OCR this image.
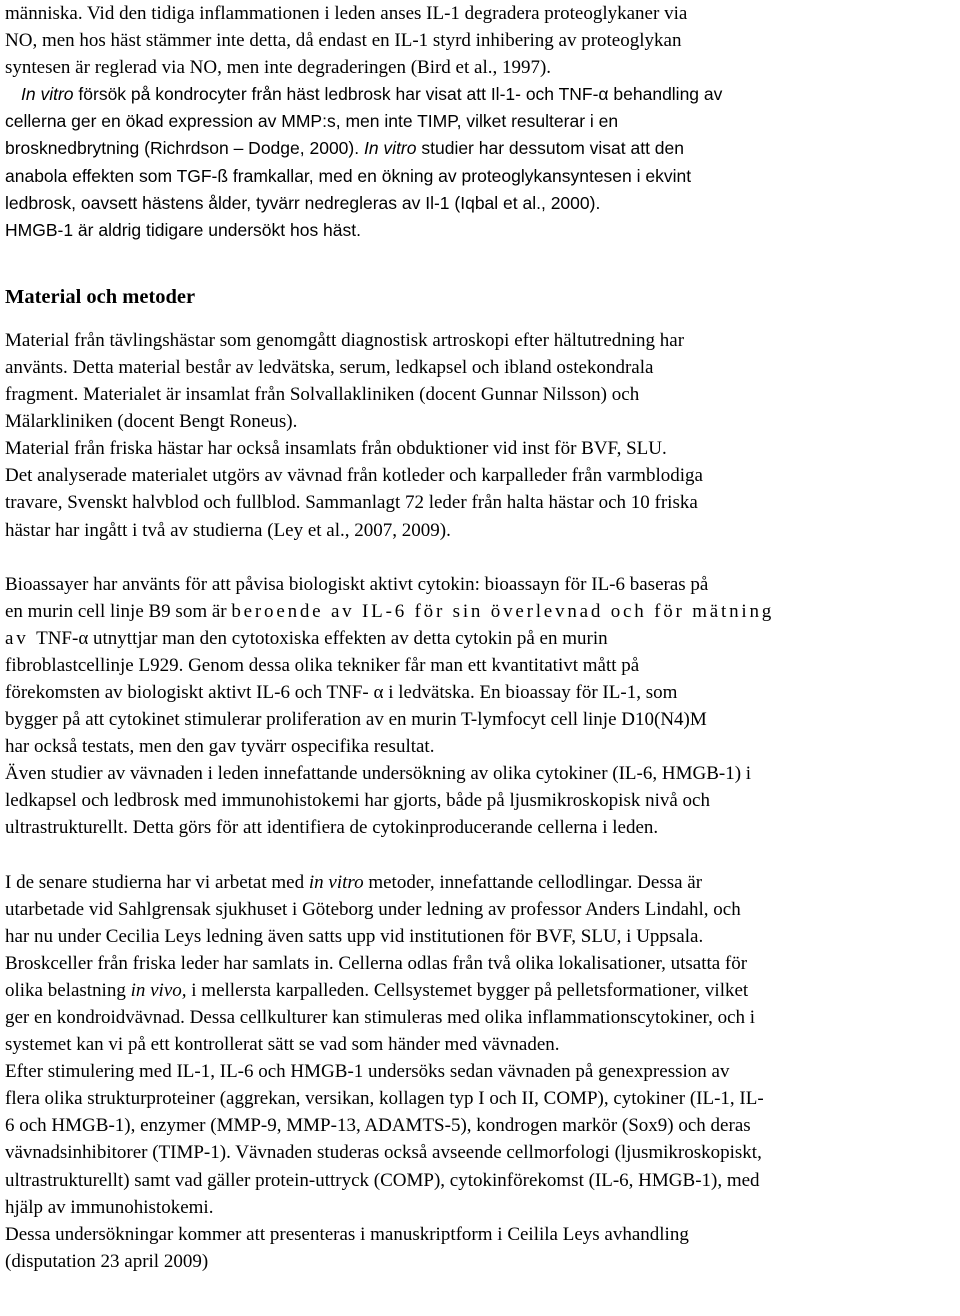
människa. Vid den tidiga inflammationen i leden anses IL-1 degradera proteoglykaner via
NO, men hos häst stämmer inte detta, då endast en IL-1 styrd inhibering av proteoglykan
syntesen är reglerad via NO, men inte degraderingen (Bird et al., 1997).
In vitro försök på kondrocyter från häst ledbrosk har visat att Il-1- och TNF-α behandling av
cellerna ger en ökad expression av MMP:s, men inte TIMP, vilket resulterar i en
brosknedbrytning (Richrdson – Dodge, 2000). In vitro studier har dessutom visat att den
anabola effekten som TGF-ß framkallar, med en ökning av proteoglykansyntesen i ekvint
ledbrosk, oavsett hästens ålder, tyvärr nedregleras av Il-1 (Iqbal et al., 2000).
HMGB-1 är aldrig tidigare undersökt hos häst.
Material och metoder
Material från tävlingshästar som genomgått diagnostisk artroskopi efter hältutredning har
använts. Detta material består av ledvätska, serum, ledkapsel och ibland ostekondrala
fragment. Materialet är insamlat från Solvallakliniken (docent Gunnar Nilsson) och
Mälarkliniken (docent Bengt Roneus).
Material från friska hästar har också insamlats från obduktioner vid inst för BVF, SLU.
Det analyserade materialet utgörs av vävnad från kotleder och karpalleder från varmblodiga
travare, Svenskt halvblod och fullblod. Sammanlagt 72 leder från halta hästar och 10 friska
hästar har ingått i två av studierna (Ley et al., 2007, 2009).
Bioassayer har använts för att påvisa biologiskt aktivt cytokin: bioassayn för IL-6 baseras på
en murin cell linje B9 som är beroende av IL-6 för sin överlevnad och för mätning
av TNF-α utnyttjar man den cytotoxiska effekten av detta cytokin på en murin
fibroblastcellinje L929. Genom dessa olika tekniker får man ett kvantitativt mått på
förekomsten av biologiskt aktivt IL-6 och TNF- α i ledvätska. En bioassay för IL-1, som
bygger på att cytokinet stimulerar proliferation av en murin T-lymfocyt cell linje D10(N4)M
har också testats, men den gav tyvärr ospecifika resultat.
Även studier av vävnaden i leden innefattande undersökning av olika cytokiner (IL-6, HMGB-1) i
ledkapsel och ledbrosk med immunohistokemi har gjorts, både på ljusmikroskopisk nivå och
ultrastrukturellt. Detta görs för att identifiera de cytokinproducerande cellerna i leden.
I de senare studierna har vi arbetat med in vitro metoder, innefattande cellodlingar. Dessa är
utarbetade vid Sahlgrensak sjukhuset i Göteborg under ledning av professor Anders Lindahl, och
har nu under Cecilia Leys ledning även satts upp vid institutionen för BVF, SLU, i Uppsala.
Broskceller från friska leder har samlats in. Cellerna odlas från två olika lokalisationer, utsatta för
olika belastning in vivo, i mellersta karpalleden. Cellsystemet bygger på pelletsformationer, vilket
ger en kondroidvävnad. Dessa cellkulturer kan stimuleras med olika inflammationscytokiner, och i
systemet kan vi på ett kontrollerat sätt se vad som händer med vävnaden.
Efter stimulering med IL-1, IL-6 och HMGB-1 undersöks sedan vävnaden på genexpression av
flera olika strukturproteiner (aggrekan, versikan, kollagen typ I och II, COMP), cytokiner (IL-1, IL-
6 och HMGB-1), enzymer (MMP-9, MMP-13, ADAMTS-5), kondrogen markör (Sox9) och deras
vävnadsinhibitorer (TIMP-1). Vävnaden studeras också avseende cellmorfologi (ljusmikroskopiskt,
ultrastrukturellt) samt vad gäller protein-uttryck (COMP), cytokinförekomst (IL-6, HMGB-1), med
hjälp av immunohistokemi.
Dessa undersökningar kommer att presenteras i manuskriptform i Ceilila Leys avhandling
(disputation 23 april 2009)
